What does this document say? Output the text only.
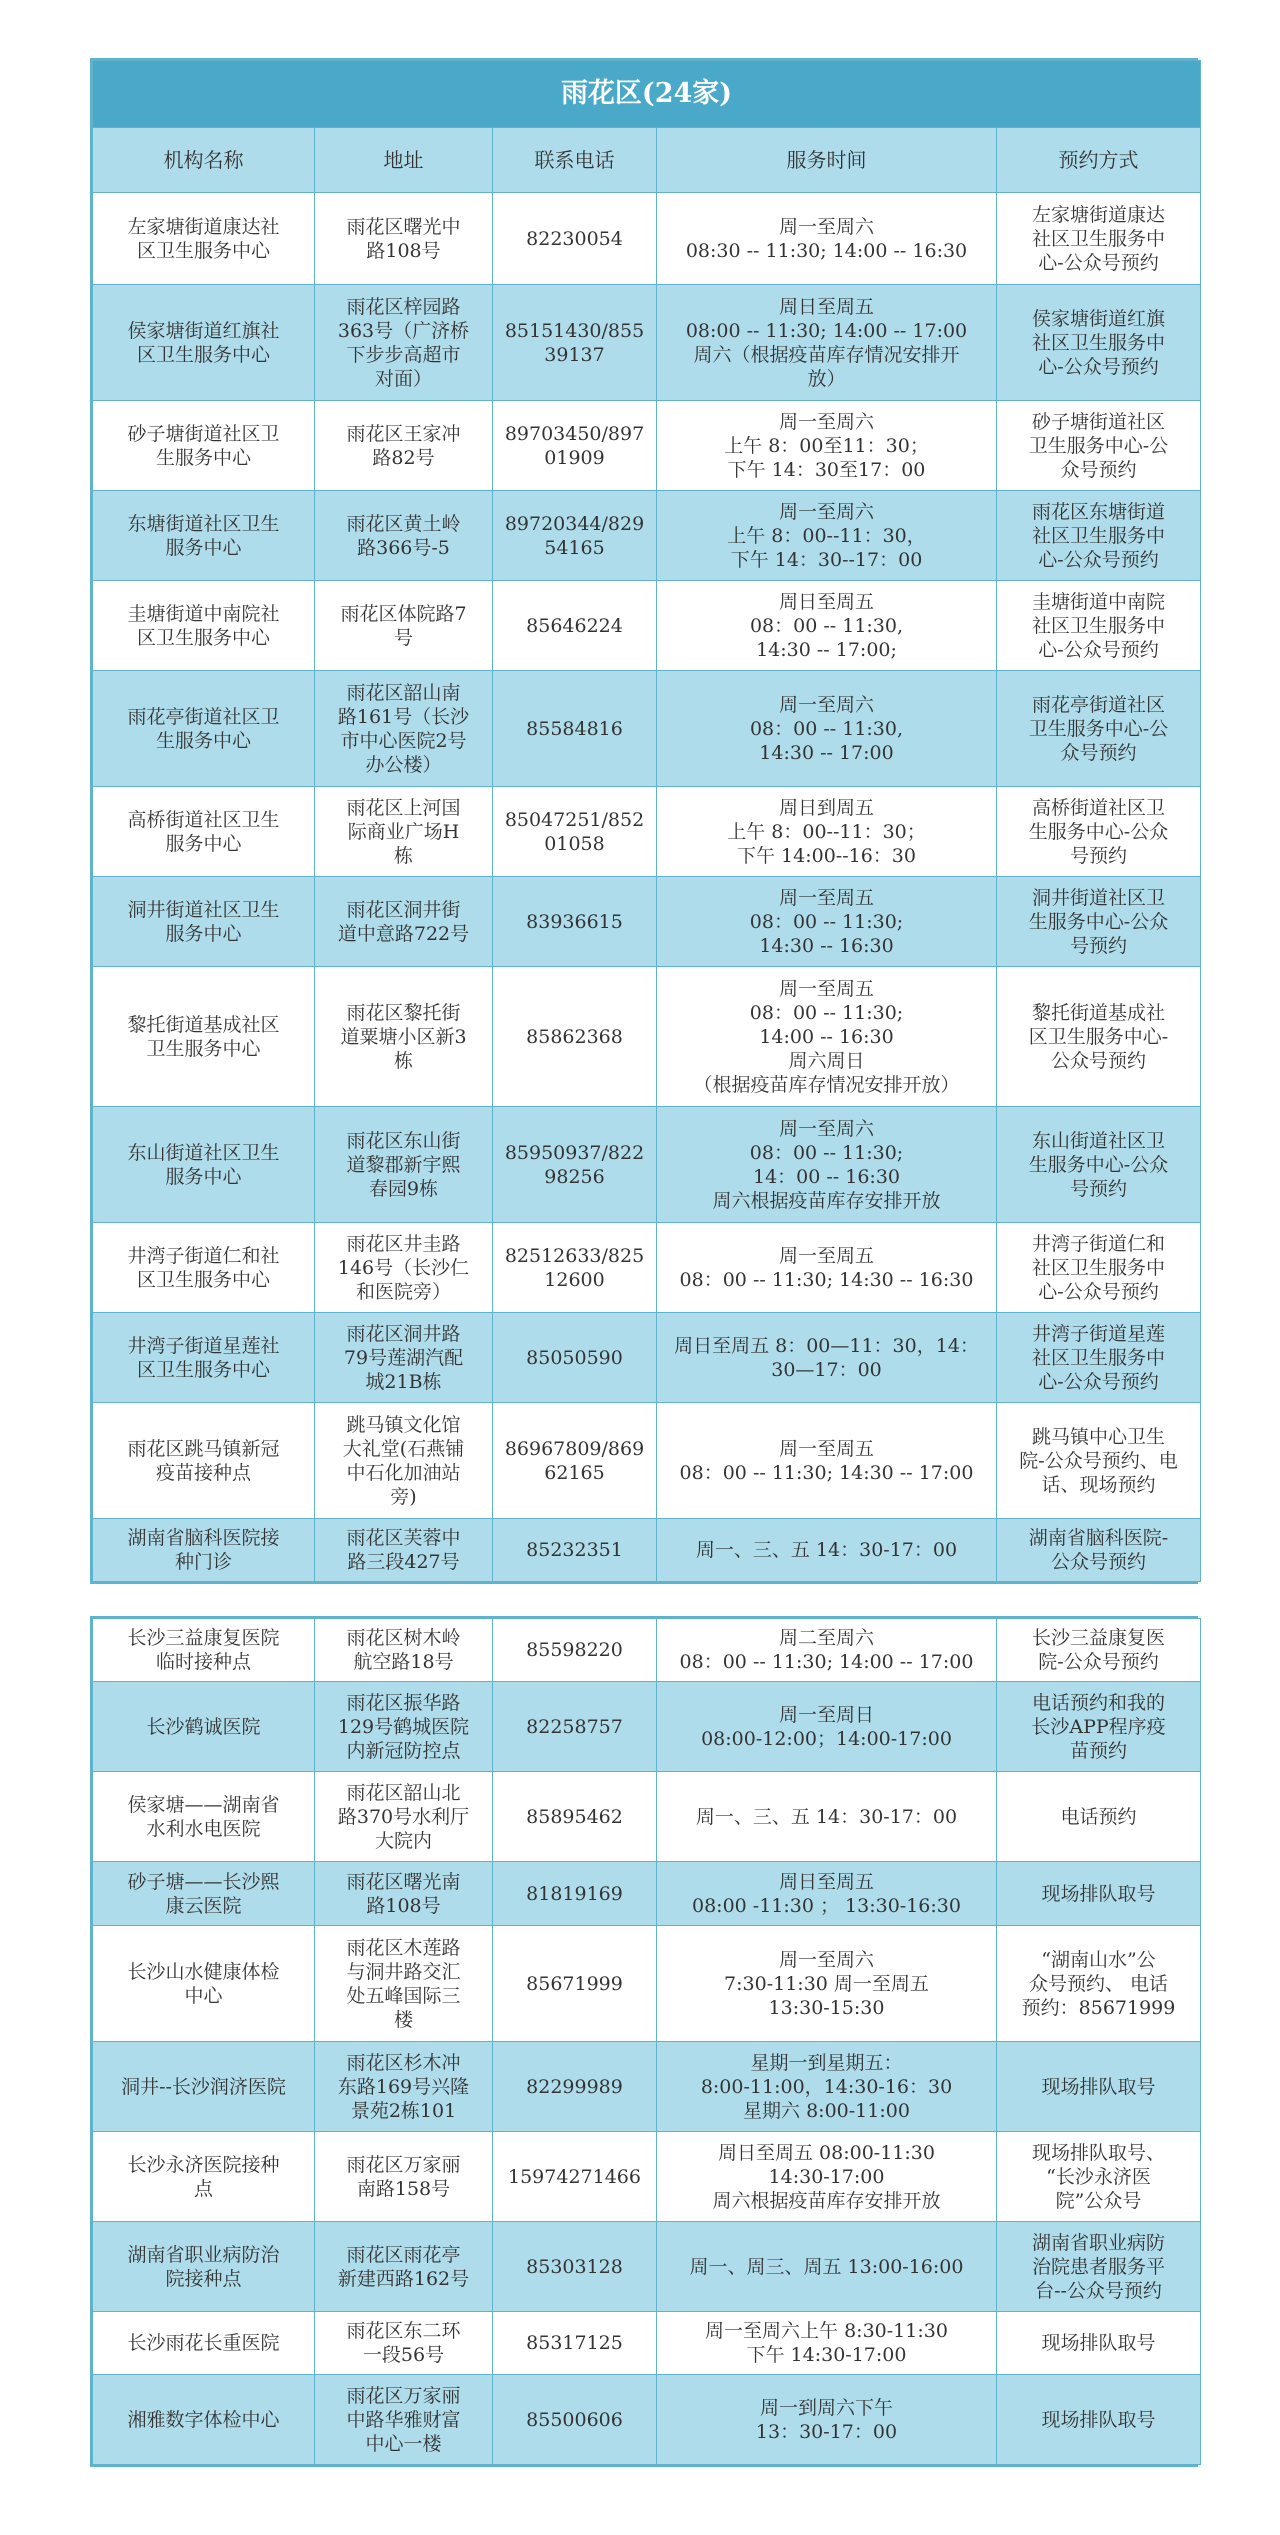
雨花区(24家)				
机构名称	地址	联系电话	服务时间	预约方式

左家塘街道康达社
区卫生服务中心	雨花区曙光中
路108号	82230054	周一至周六
08:30 -- 11:30; 14:00 -- 16:30	左家塘街道康达
社区卫生服务中
心-公众号预约

侯家塘街道红旗社
区卫生服务中心	雨花区梓园路
363号（广济桥
下步步高超市
对面）	85151430/855
39137	周日至周五
08:00 -- 11:30; 14:00 -- 17:00
周六（根据疫苗库存情况安排开
放）	侯家塘街道红旗
社区卫生服务中
心-公众号预约

砂子塘街道社区卫
生服务中心	雨花区王家冲
路82号	89703450/897
01909	周一至周六
上午 8：00至11：30；
下午 14：30至17：00	砂子塘街道社区
卫生服务中心-公
众号预约

东塘街道社区卫生
服务中心	雨花区黄土岭
路366号-5	89720344/829
54165	周一至周六
上午 8：00--11：30，
下午 14：30--17：00	雨花区东塘街道
社区卫生服务中
心-公众号预约

圭塘街道中南院社
区卫生服务中心	雨花区体院路7
号	85646224	周日至周五
08：00 -- 11:30,
14:30 -- 17:00;	圭塘街道中南院
社区卫生服务中
心-公众号预约

雨花亭街道社区卫
生服务中心	雨花区韶山南
路161号（长沙
市中心医院2号
办公楼）	85584816	周一至周六
08：00 -- 11:30,
14:30 -- 17:00	雨花亭街道社区
卫生服务中心-公
众号预约

高桥街道社区卫生
服务中心	雨花区上河国
际商业广场H
栋	85047251/852
01058	周日到周五
上午 8：00--11：30；
下午 14:00--16：30	高桥街道社区卫
生服务中心-公众
号预约

洞井街道社区卫生
服务中心	雨花区洞井街
道中意路722号	83936615	周一至周五
08：00 -- 11:30;
14:30 -- 16:30	洞井街道社区卫
生服务中心-公众
号预约

黎托街道基成社区
卫生服务中心	雨花区黎托街
道粟塘小区新3
栋	85862368	周一至周五
08：00 -- 11:30;
14:00 -- 16:30
周六周日
（根据疫苗库存情况安排开放）	黎托街道基成社
区卫生服务中心-
公众号预约

东山街道社区卫生
服务中心	雨花区东山街
道黎郡新宇熙
春园9栋	85950937/822
98256	周一至周六
08：00 -- 11:30;
14：00 -- 16:30
周六根据疫苗库存安排开放	东山街道社区卫
生服务中心-公众
号预约

井湾子街道仁和社
区卫生服务中心	雨花区井圭路
146号（长沙仁
和医院旁）	82512633/825
12600	周一至周五
08：00 -- 11:30; 14:30 -- 16:30	井湾子街道仁和
社区卫生服务中
心-公众号预约

井湾子街道星莲社
区卫生服务中心	雨花区洞井路
79号莲湖汽配
城21B栋	85050590	周日至周五 8：00—11：30，14：
30—17：00	井湾子街道星莲
社区卫生服务中
心-公众号预约

雨花区跳马镇新冠
疫苗接种点	跳马镇文化馆
大礼堂(石燕铺
中石化加油站
旁)	86967809/869
62165	周一至周五
08：00 -- 11:30; 14:30 -- 17:00	跳马镇中心卫生
院-公众号预约、电
话、现场预约

湖南省脑科医院接
种门诊	雨花区芙蓉中
路三段427号	85232351	周一、三、五 14：30-17：00	湖南省脑科医院-
公众号预约
长沙三益康复医院
临时接种点	雨花区树木岭
航空路18号	85598220	周二至周六
08：00 -- 11:30; 14:00 -- 17:00	长沙三益康复医
院-公众号预约

长沙鹤诚医院	雨花区振华路
129号鹤城医院
内新冠防控点	82258757	周一至周日
08:00-12:00；14:00-17:00	电话预约和我的
长沙APP程序疫
苗预约

侯家塘——湖南省
水利水电医院	雨花区韶山北
路370号水利厅
大院内	85895462	周一、三、五 14：30-17：00	电话预约

砂子塘——长沙熙
康云医院	雨花区曙光南
路108号	81819169	周日至周五
08:00 -11:30 ； 13:30-16:30	现场排队取号

长沙山水健康体检
中心	雨花区木莲路
与洞井路交汇
处五峰国际三
楼	85671999	周一至周六
7:30-11:30 周一至周五
13:30-15:30	“湖南山水”公
众号预约、 电话
预约：85671999

洞井--长沙润济医院	雨花区杉木冲
东路169号兴隆
景苑2栋101	82299989	星期一到星期五：
8:00-11:00，14:30-16：30
星期六 8:00-11:00	现场排队取号

长沙永济医院接种
点	雨花区万家丽
南路158号	15974271466	周日至周五 08:00-11:30
14:30-17:00
周六根据疫苗库存安排开放	现场排队取号、
“长沙永济医
院”公众号

湖南省职业病防治
院接种点	雨花区雨花亭
新建西路162号	85303128	周一、周三、周五 13:00-16:00	湖南省职业病防
治院患者服务平
台--公众号预约

长沙雨花长重医院	雨花区东二环
一段56号	85317125	周一至周六上午 8:30-11:30
下午 14:30-17:00	现场排队取号

湘雅数字体检中心	雨花区万家丽
中路华雅财富
中心一楼	85500606	周一到周六下午
13：30-17：00	现场排队取号
